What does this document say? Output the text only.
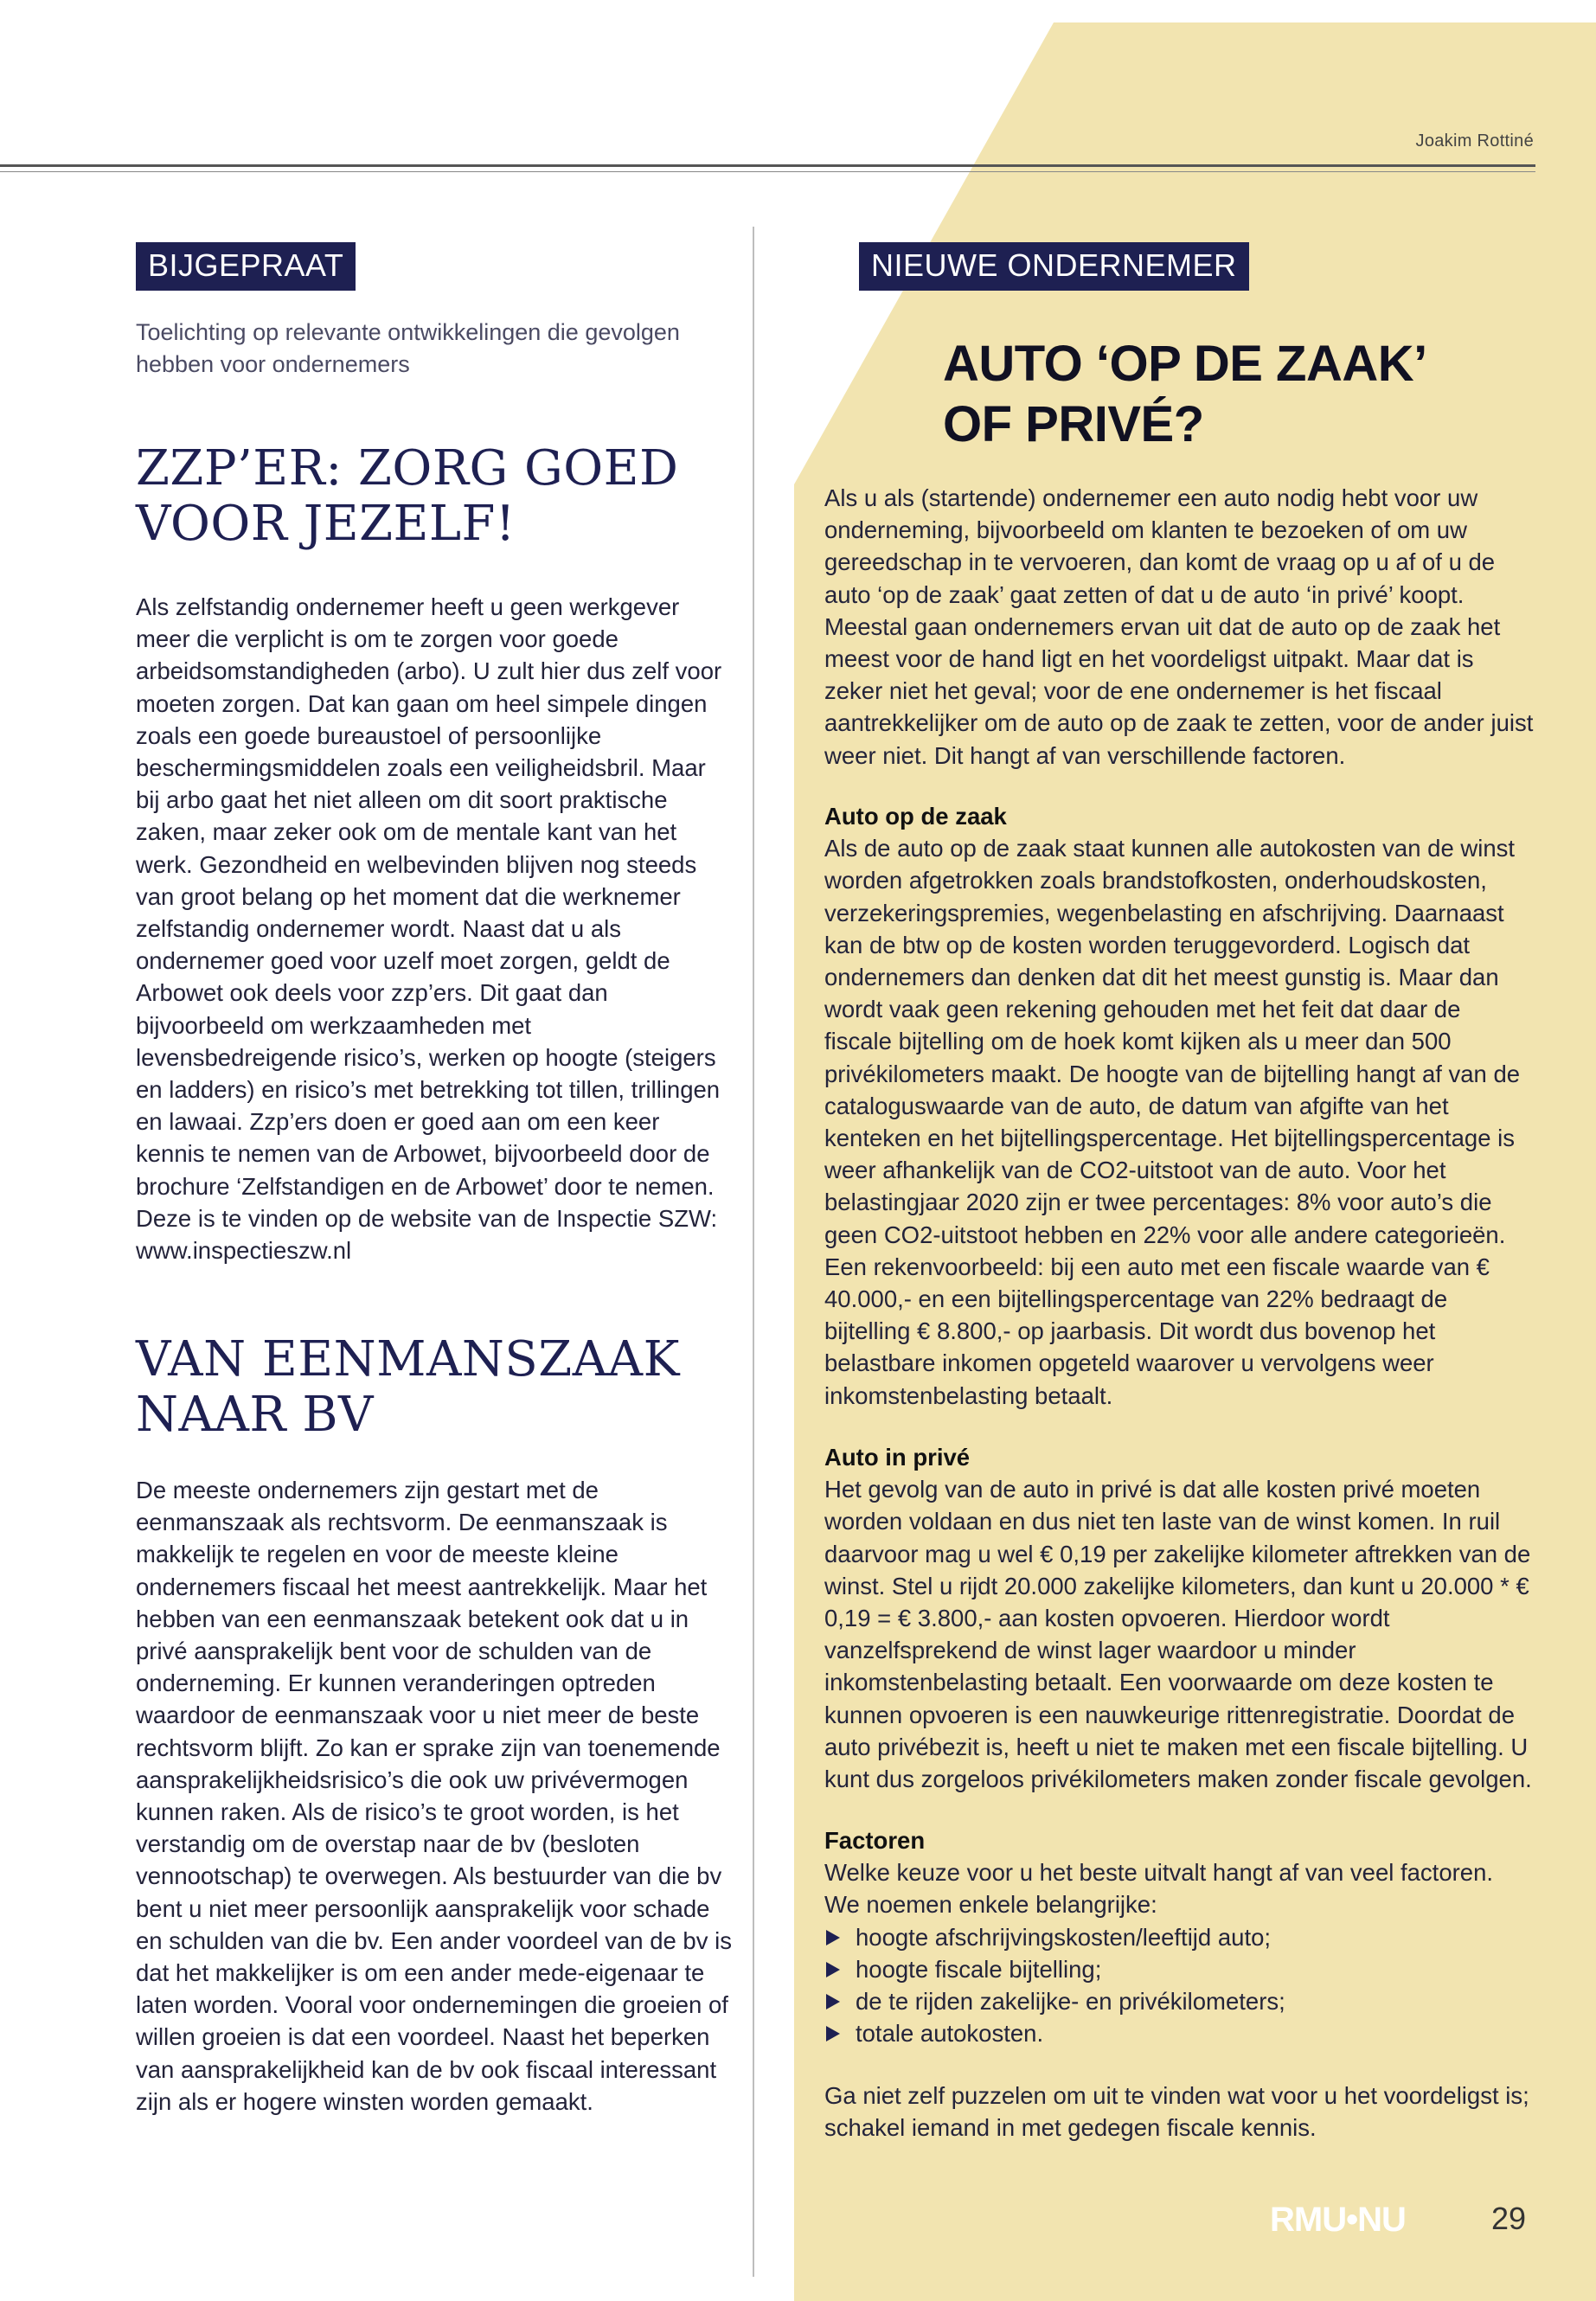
Joakim Rottiné
BIJGEPRAAT
Toelichting op relevante ontwikkelingen die gevolgen hebben voor ondernemers
ZZP’ER: ZORG GOED
VOOR JEZELF!

Als zelfstandig ondernemer heeft u geen werkgever meer die verplicht is om te zorgen voor goede arbeidsomstandigheden (arbo). U zult hier dus zelf voor moeten zorgen. Dat kan gaan om heel simpele dingen zoals een goede bureaustoel of persoonlijke beschermingsmiddelen zoals een veiligheidsbril. Maar bij arbo gaat het niet alleen om dit soort praktische zaken, maar zeker ook om de mentale kant van het werk. Gezondheid en welbevinden blijven nog steeds van groot belang op het moment dat die werknemer zelfstandig ondernemer wordt. Naast dat u als ondernemer goed voor uzelf moet zorgen, geldt de Arbowet ook deels voor zzp’ers. Dit gaat dan bijvoorbeeld om werkzaamheden met levensbedreigende risico’s, werken op hoogte (steigers en ladders) en risico’s met betrekking tot tillen, trillingen en lawaai. Zzp’ers doen er goed aan om een keer kennis te nemen van de Arbowet, bijvoorbeeld door de brochure ‘Zelfstandigen en de Arbowet’ door te nemen. Deze is te vinden op de website van de Inspectie SZW: www.inspectieszw.nl

VAN EENMANSZAAK
NAAR BV

De meeste ondernemers zijn gestart met de eenmanszaak als rechtsvorm. De eenmanszaak is makkelijk te regelen en voor de meeste kleine ondernemers fiscaal het meest aantrekkelijk. Maar het hebben van een eenmanszaak betekent ook dat u in privé aansprakelijk bent voor de schulden van de onderneming. Er kunnen veranderingen optreden waardoor de eenmanszaak voor u niet meer de beste rechtsvorm blijft. Zo kan er sprake zijn van toenemende aansprakelijkheidsrisico’s die ook uw privévermogen kunnen raken. Als de risico’s te groot worden, is het verstandig om de overstap naar de bv (besloten vennootschap) te overwegen. Als bestuurder van die bv bent u niet meer persoonlijk aansprakelijk voor schade en schulden van die bv. Een ander voordeel van de bv is dat het makkelijker is om een ander mede-eigenaar te laten worden. Vooral voor ondernemingen die groeien of willen groeien is dat een voordeel. Naast het beperken van aansprakelijkheid kan de bv ook fiscaal interessant zijn als er hogere winsten worden gemaakt.

NIEUWE ONDERNEMER
AUTO ‘OP DE ZAAK’
OF PRIVÉ?

Als u als (startende) ondernemer een auto nodig hebt voor uw onderneming, bijvoorbeeld om klanten te bezoeken of om uw gereedschap in te vervoeren, dan komt de vraag op u af of u de auto ‘op de zaak’ gaat zetten of dat u de auto ‘in privé’ koopt. Meestal gaan ondernemers ervan uit dat de auto op de zaak het meest voor de hand ligt en het voordeligst uitpakt. Maar dat is zeker niet het geval; voor de ene ondernemer is het fiscaal aantrekkelijker om de auto op de zaak te zetten, voor de ander juist weer niet. Dit hangt af van verschillende factoren.

Auto op de zaak

Als de auto op de zaak staat kunnen alle autokosten van de winst worden afgetrokken zoals brandstofkosten, onderhoudskosten, verzekeringspremies, wegenbelasting en afschrijving. Daarnaast kan de btw op de kosten worden teruggevorderd. Logisch dat ondernemers dan denken dat dit het meest gunstig is. Maar dan wordt vaak geen rekening gehouden met het feit dat daar de fiscale bijtelling om de hoek komt kijken als u meer dan 500 privékilometers maakt. De hoogte van de bijtelling hangt af van de cataloguswaarde van de auto, de datum van afgifte van het kenteken en het bijtellingspercentage. Het bijtellingspercentage is weer afhankelijk van de CO2-uitstoot van de auto. Voor het belastingjaar 2020 zijn er twee percentages: 8% voor auto’s die geen CO2-uitstoot hebben en 22% voor alle andere categorieën. Een rekenvoorbeeld: bij een auto met een fiscale waarde van € 40.000,- en een bijtellingspercentage van 22% bedraagt de bijtelling € 8.800,- op jaarbasis. Dit wordt dus bovenop het belastbare inkomen opgeteld waarover u vervolgens weer inkomstenbelasting betaalt.

Auto in privé

Het gevolg van de auto in privé is dat alle kosten privé moeten worden voldaan en dus niet ten laste van de winst komen. In ruil daarvoor mag u wel € 0,19 per zakelijke kilometer aftrekken van de winst. Stel u rijdt 20.000 zakelijke kilometers, dan kunt u 20.000 * € 0,19 = € 3.800,- aan kosten opvoeren. Hierdoor wordt vanzelfsprekend de winst lager waardoor u minder inkomstenbelasting betaalt. Een voorwaarde om deze kosten te kunnen opvoeren is een nauwkeurige rittenregistratie. Doordat de auto privébezit is, heeft u niet te maken met een fiscale bijtelling. U kunt dus zorgeloos privékilometers maken zonder fiscale gevolgen.

Factoren

Welke keuze voor u het beste uitvalt hangt af van veel factoren. We noemen enkele belangrijke:

hoogte afschrijvingskosten/leeftijd auto;
hoogte fiscale bijtelling;
de te rijden zakelijke- en privékilometers;
totale autokosten.

Ga niet zelf puzzelen om uit te vinden wat voor u het voordeligst is; schakel iemand in met gedegen fiscale kennis.

RMU•NU	29
